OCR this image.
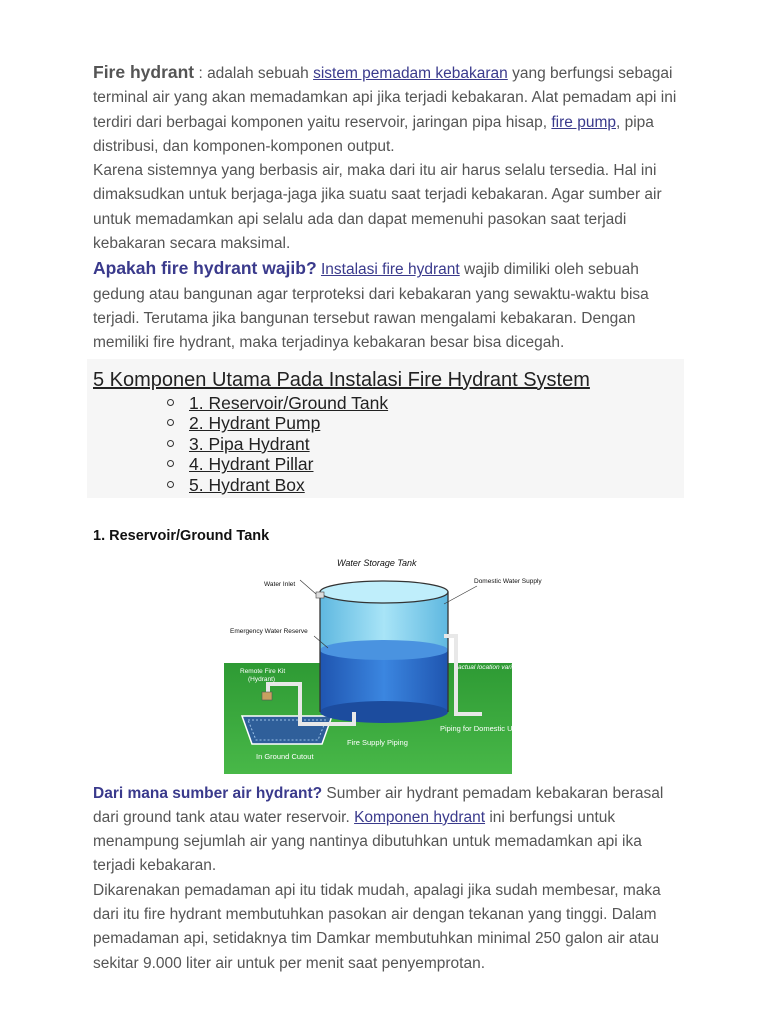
Fire hydrant : adalah sebuah sistem pemadam kebakaran yang berfungsi sebagai terminal air yang akan memadamkan api jika terjadi kebakaran. Alat pemadam api ini terdiri dari berbagai komponen yaitu reservoir, jaringan pipa hisap, fire pump, pipa distribusi, dan komponen-komponen output.

Karena sistemnya yang berbasis air, maka dari itu air harus selalu tersedia. Hal ini dimaksudkan untuk berjaga-jaga jika suatu saat terjadi kebakaran. Agar sumber air untuk memadamkan api selalu ada dan dapat memenuhi pasokan saat terjadi kebakaran secara maksimal.

Apakah fire hydrant wajib? Instalasi fire hydrant wajib dimiliki oleh sebuah gedung atau bangunan agar terproteksi dari kebakaran yang sewaktu-waktu bisa terjadi. Terutama jika bangunan tersebut rawan mengalami kebakaran. Dengan memiliki fire hydrant, maka terjadinya kebakaran besar bisa dicegah.

5 Komponen Utama Pada Instalasi Fire Hydrant System
1. Reservoir/Ground Tank
2. Hydrant Pump
3. Pipa Hydrant
4. Hydrant Pillar
5. Hydrant Box
1. Reservoir/Ground Tank
Water Storage Tank
Water Inlet	Domestic Water Supply
Emergency Water Reserve
Remote Fire Kit
(Hydrant)
actual location varies
Fire Supply Piping
Piping for Domestic Use
In Ground Cutout

Dari mana sumber air hydrant? Sumber air hydrant pemadam kebakaran berasal dari ground tank atau water reservoir. Komponen hydrant ini berfungsi untuk menampung sejumlah air yang nantinya dibutuhkan untuk memadamkan api ika terjadi kebakaran.

Dikarenakan pemadaman api itu tidak mudah, apalagi jika sudah membesar, maka dari itu fire hydrant membutuhkan pasokan air dengan tekanan yang tinggi. Dalam pemadaman api, setidaknya tim Damkar membutuhkan minimal 250 galon air atau sekitar 9.000 liter air untuk per menit saat penyemprotan.
